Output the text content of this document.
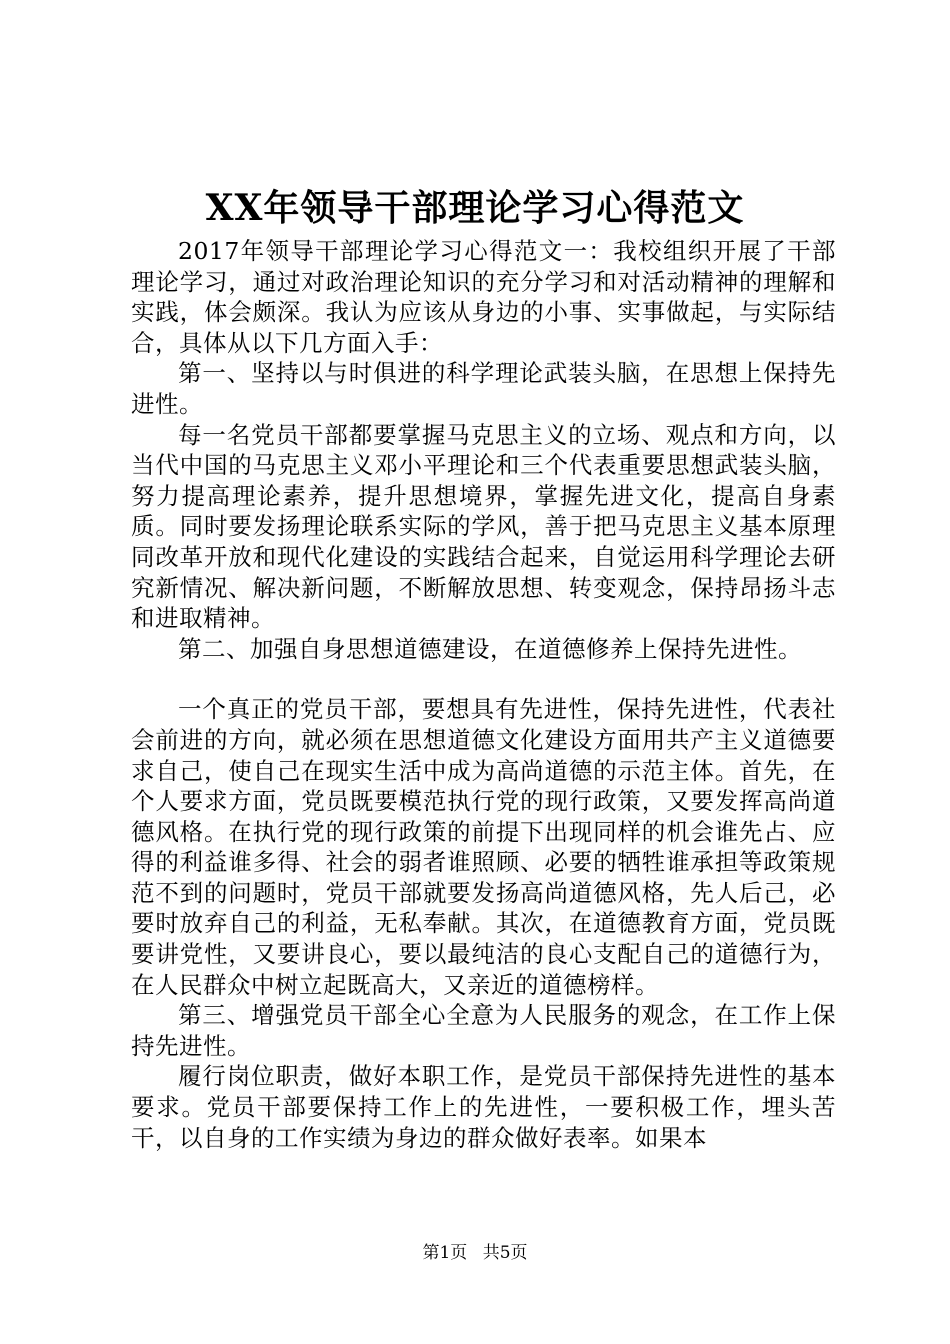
XX年领导干部理论学习心得范文

2017年领导干部理论学习心得范文一：我校组织开展了干部理论学习，通过对政治理论知识的充分学习和对活动精神的理解和实践，体会颇深。我认为应该从身边的小事、实事做起，与实际结合，具体从以下几方面入手：

第一、坚持以与时俱进的科学理论武装头脑，在思想上保持先进性。

每一名党员干部都要掌握马克思主义的立场、观点和方向，以当代中国的马克思主义邓小平理论和三个代表重要思想武装头脑，努力提高理论素养，提升思想境界，掌握先进文化，提高自身素质。同时要发扬理论联系实际的学风，善于把马克思主义基本原理同改革开放和现代化建设的实践结合起来，自觉运用科学理论去研究新情况、解决新问题，不断解放思想、转变观念，保持昂扬斗志和进取精神。

第二、加强自身思想道德建设，在道德修养上保持先进性。

一个真正的党员干部，要想具有先进性，保持先进性，代表社会前进的方向，就必须在思想道德文化建设方面用共产主义道德要求自己，使自己在现实生活中成为高尚道德的示范主体。首先，在个人要求方面，党员既要模范执行党的现行政策，又要发挥高尚道德风格。在执行党的现行政策的前提下出现同样的机会谁先占、应得的利益谁多得、社会的弱者谁照顾、必要的牺牲谁承担等政策规范不到的问题时，党员干部就要发扬高尚道德风格，先人后己，必要时放弃自己的利益，无私奉献。其次，在道德教育方面，党员既要讲党性，又要讲良心，要以最纯洁的良心支配自己的道德行为，在人民群众中树立起既高大，又亲近的道德榜样。

第三、增强党员干部全心全意为人民服务的观念，在工作上保持先进性。

履行岗位职责，做好本职工作，是党员干部保持先进性的基本要求。党员干部要保持工作上的先进性，一要积极工作，埋头苦干，以自身的工作实绩为身边的群众做好表率。如果本

第1页 共5页
